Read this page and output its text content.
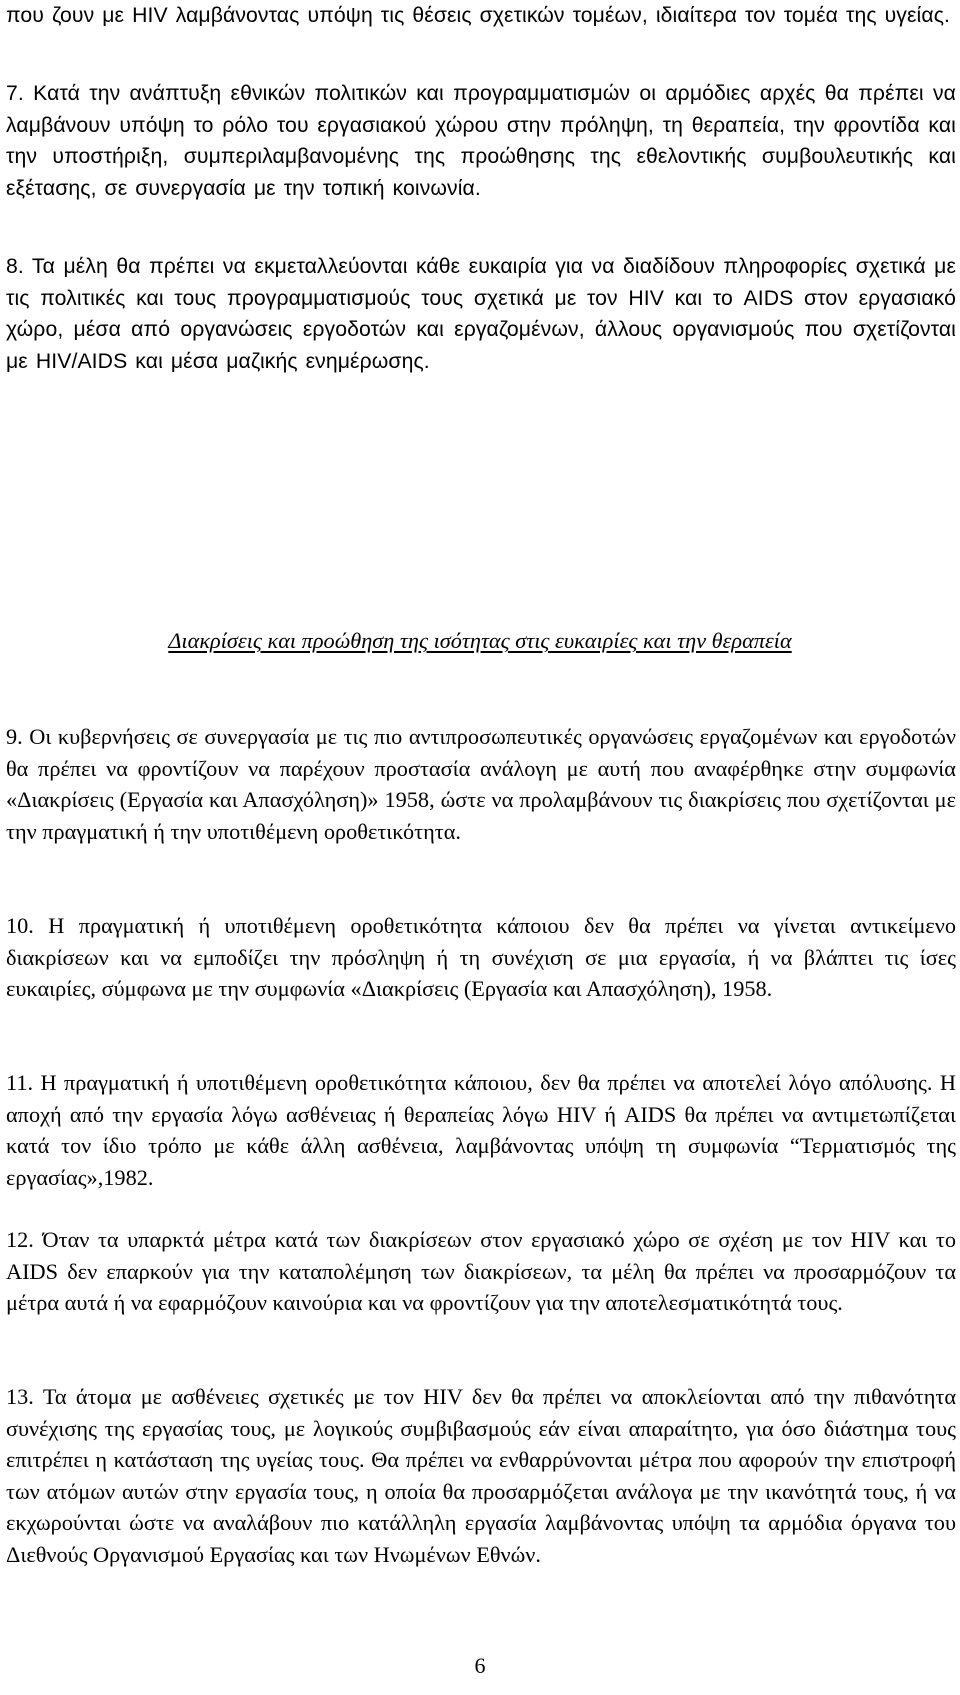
που ζουν με HIV λαμβάνοντας υπόψη τις θέσεις σχετικών τομέων, ιδιαίτερα τον τομέα της υγείας.

7. Κατά την ανάπτυξη εθνικών πολιτικών και προγραμματισμών οι αρμόδιες αρχές θα πρέπει να λαμβάνουν υπόψη το ρόλο του εργασιακού χώρου στην πρόληψη, τη θεραπεία, την φροντίδα και την υποστήριξη, συμπεριλαμβανομένης της προώθησης της εθελοντικής συμβουλευτικής και εξέτασης, σε συνεργασία με την τοπική κοινωνία.

8. Τα μέλη θα πρέπει να εκμεταλλεύονται κάθε ευκαιρία για να διαδίδουν πληροφορίες σχετικά με τις πολιτικές και τους προγραμματισμούς τους σχετικά με τον HIV και το AIDS στον εργασιακό χώρο, μέσα από οργανώσεις εργοδοτών και εργαζομένων, άλλους οργανισμούς που σχετίζονται με HIV/AIDS και μέσα μαζικής ενημέρωσης.

Διακρίσεις και προώθηση της ισότητας στις ευκαιρίες και την θεραπεία

9. Οι κυβερνήσεις σε συνεργασία με τις πιο αντιπροσωπευτικές οργανώσεις εργαζομένων και εργοδοτών θα πρέπει να φροντίζουν να παρέχουν προστασία ανάλογη με αυτή που αναφέρθηκε στην συμφωνία «Διακρίσεις (Εργασία και Απασχόληση)» 1958, ώστε να προλαμβάνουν τις διακρίσεις που σχετίζονται με την πραγματική ή την υποτιθέμενη οροθετικότητα.

10. Η πραγματική ή υποτιθέμενη οροθετικότητα κάποιου δεν θα πρέπει να γίνεται αντικείμενο διακρίσεων και να εμποδίζει την πρόσληψη ή τη συνέχιση σε μια εργασία, ή να βλάπτει τις ίσες ευκαιρίες, σύμφωνα με την συμφωνία «Διακρίσεις (Εργασία και Απασχόληση), 1958.

11. Η πραγματική ή υποτιθέμενη οροθετικότητα κάποιου, δεν θα πρέπει να αποτελεί λόγο απόλυσης. Η αποχή από την εργασία λόγω ασθένειας ή θεραπείας λόγω HIV ή AIDS θα πρέπει να αντιμετωπίζεται κατά τον ίδιο τρόπο με κάθε άλλη ασθένεια, λαμβάνοντας υπόψη τη συμφωνία “Τερματισμός της εργασίας»,1982.

12. Όταν τα υπαρκτά μέτρα κατά των διακρίσεων στον εργασιακό χώρο σε σχέση με τον HIV και το AIDS δεν επαρκούν για την καταπολέμηση των διακρίσεων, τα μέλη θα πρέπει να προσαρμόζουν τα μέτρα αυτά ή να εφαρμόζουν καινούρια και να φροντίζουν για την αποτελεσματικότητά τους.

13. Τα άτομα με ασθένειες σχετικές με τον HIV δεν θα πρέπει να αποκλείονται από την πιθανότητα συνέχισης της εργασίας τους, με λογικούς συμβιβασμούς εάν είναι απαραίτητο, για όσο διάστημα τους επιτρέπει η κατάσταση της υγείας τους. Θα πρέπει να ενθαρρύνονται μέτρα που αφορούν την επιστροφή των ατόμων αυτών στην εργασία τους, η οποία θα προσαρμόζεται ανάλογα με την ικανότητά τους, ή να εκχωρούνται ώστε να αναλάβουν πιο κατάλληλη εργασία λαμβάνοντας υπόψη τα αρμόδια όργανα του Διεθνούς Οργανισμού Εργασίας και των Ηνωμένων Εθνών.

6
